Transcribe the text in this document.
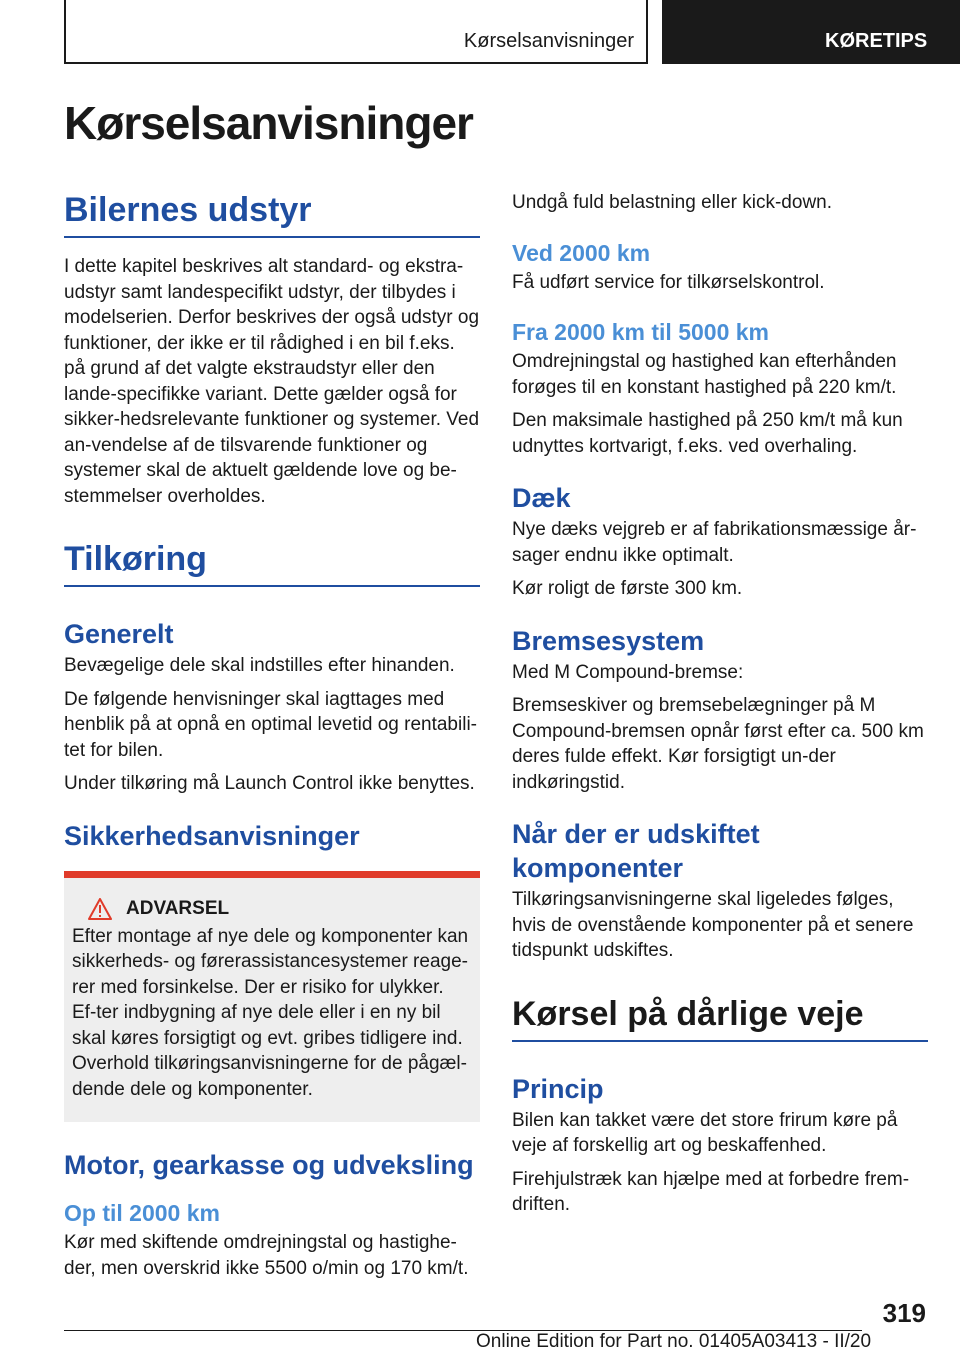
Kørselsanvisninger	KØRETIPS
Kørselsanvisninger
Bilernes udstyr

I dette kapitel beskrives alt standard- og ekstra-udstyr samt landespecifikt udstyr, der tilbydes i modelserien. Derfor beskrives der også udstyr og funktioner, der ikke er til rådighed i en bil f.eks. på grund af det valgte ekstraudstyr eller den lande-specifikke variant. Dette gælder også for sikker-hedsrelevante funktioner og systemer. Ved an-vendelse af de tilsvarende funktioner og systemer skal de aktuelt gældende love og be-stemmelser overholdes.

Tilkøring
Generelt

Bevægelige dele skal indstilles efter hinanden.

De følgende henvisninger skal iagttages med henblik på at opnå en optimal levetid og rentabili-tet for bilen.

Under tilkøring må Launch Control ikke benyttes.

Sikkerhedsanvisninger
ADVARSEL

Efter montage af nye dele og komponenter kan sikkerheds- og førerassistancesystemer reage-rer med forsinkelse. Der er risiko for ulykker. Ef-ter indbygning af nye dele eller i en ny bil skal køres forsigtigt og evt. gribes tidligere ind. Overhold tilkøringsanvisningerne for de pågæl-dende dele og komponenter.

Motor, gearkasse og udveksling
Op til 2000 km

Kør med skiftende omdrejningstal og hastighe-der, men overskrid ikke 5500 o/min og 170 km/t.

Undgå fuld belastning eller kick-down.

Ved 2000 km

Få udført service for tilkørselskontrol.

Fra 2000 km til 5000 km

Omdrejningstal og hastighed kan efterhånden forøges til en konstant hastighed på 220 km/t.

Den maksimale hastighed på 250 km/t må kun udnyttes kortvarigt, f.eks. ved overhaling.

Dæk

Nye dæks vejgreb er af fabrikationsmæssige år-sager endnu ikke optimalt.

Kør roligt de første 300 km.

Bremsesystem

Med M Compound-bremse:

Bremseskiver og bremsebelægninger på M Compound-bremsen opnår først efter ca. 500 km deres fulde effekt. Kør forsigtigt un-der indkøringstid.

Når der er udskiftet komponenter

Tilkøringsanvisningerne skal ligeledes følges, hvis de ovenstående komponenter på et senere tidspunkt udskiftes.

Kørsel på dårlige veje
Princip

Bilen kan takket være det store frirum køre på veje af forskellig art og beskaffenhed.

Firehjulstræk kan hjælpe med at forbedre frem-driften.

319
Online Edition for Part no. 01405A03413 - II/20
